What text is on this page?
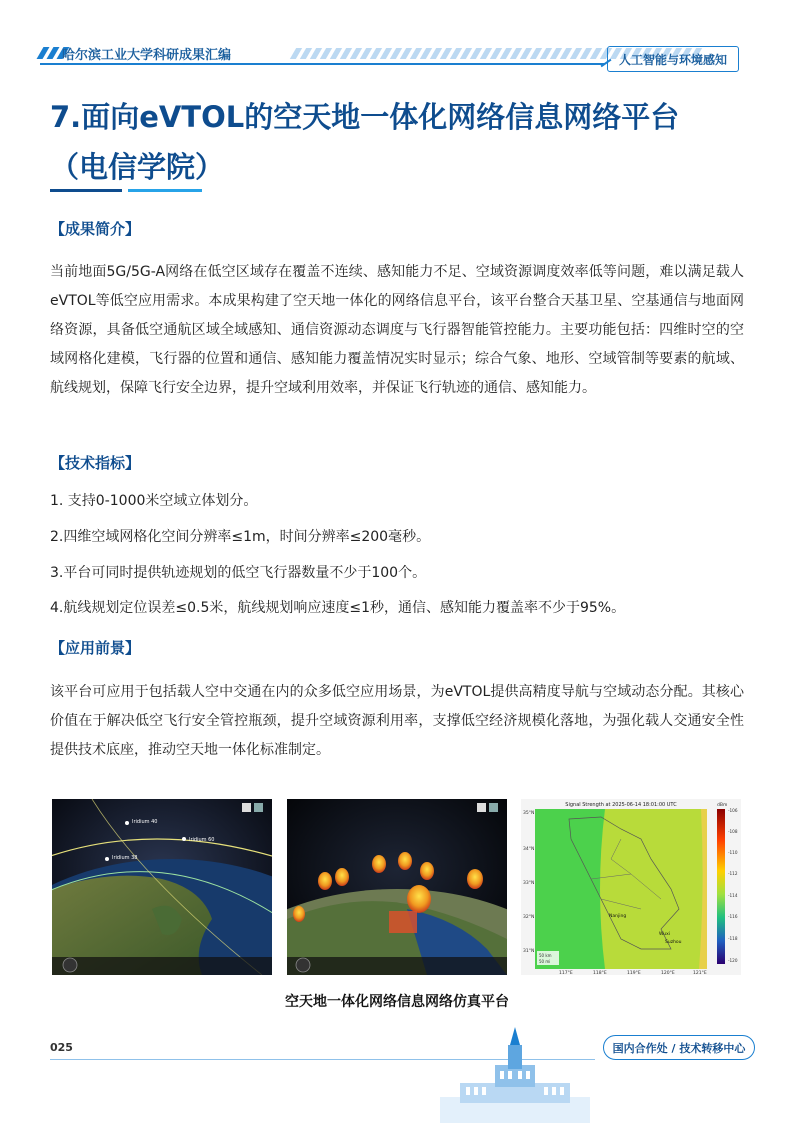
哈尔滨工业大学科研成果汇编	人工智能与环境感知
7.面向eVTOL的空天地一体化网络信息网络平台
（电信学院）
【成果简介】
当前地面5G/5G-A网络在低空区域存在覆盖不连续、感知能力不足、空域资源调度效率低等问题，难以满足载人eVTOL等低空应用需求。本成果构建了空天地一体化的网络信息平台，该平台整合天基卫星、空基通信与地面网络资源，具备低空通航区域全域感知、通信资源动态调度与飞行器智能管控能力。主要功能包括：四维时空的空域网格化建模，飞行器的位置和通信、感知能力覆盖情况实时显示；综合气象、地形、空域管制等要素的航域、航线规划，保障飞行安全边界，提升空域利用效率，并保证飞行轨迹的通信、感知能力。
【技术指标】
1. 支持0-1000米空域立体划分。
2.四维空域网格化空间分辨率≤1m，时间分辨率≤200毫秒。
3.平台可同时提供轨迹规划的低空飞行器数量不少于100个。
4.航线规划定位误差≤0.5米，航线规划响应速度≤1秒，通信、感知能力覆盖率不少于95%。
【应用前景】
该平台可应用于包括载人空中交通在内的众多低空应用场景，为eVTOL提供高精度导航与空域动态分配。其核心价值在于解决低空飞行安全管控瓶颈，提升空域资源利用率，支撑低空经济规模化落地，为强化载人交通安全性提供技术底座，推动空天地一体化标准制定。
Iridium 40
Iridium 60
Iridium 38
Signal Strength at 2025-06-14 18:01:00 UTC
Nanjing
Wuxi
Suzhou
35°N
34°N
33°N
32°N
31°N
117°E	118°E	119°E	120°E	121°E
50 km
50 mi
dBm
-106
-108
-110
-112
-114
-116
-118
-120
空天地一体化网络信息网络仿真平台
025	国内合作处 / 技术转移中心
